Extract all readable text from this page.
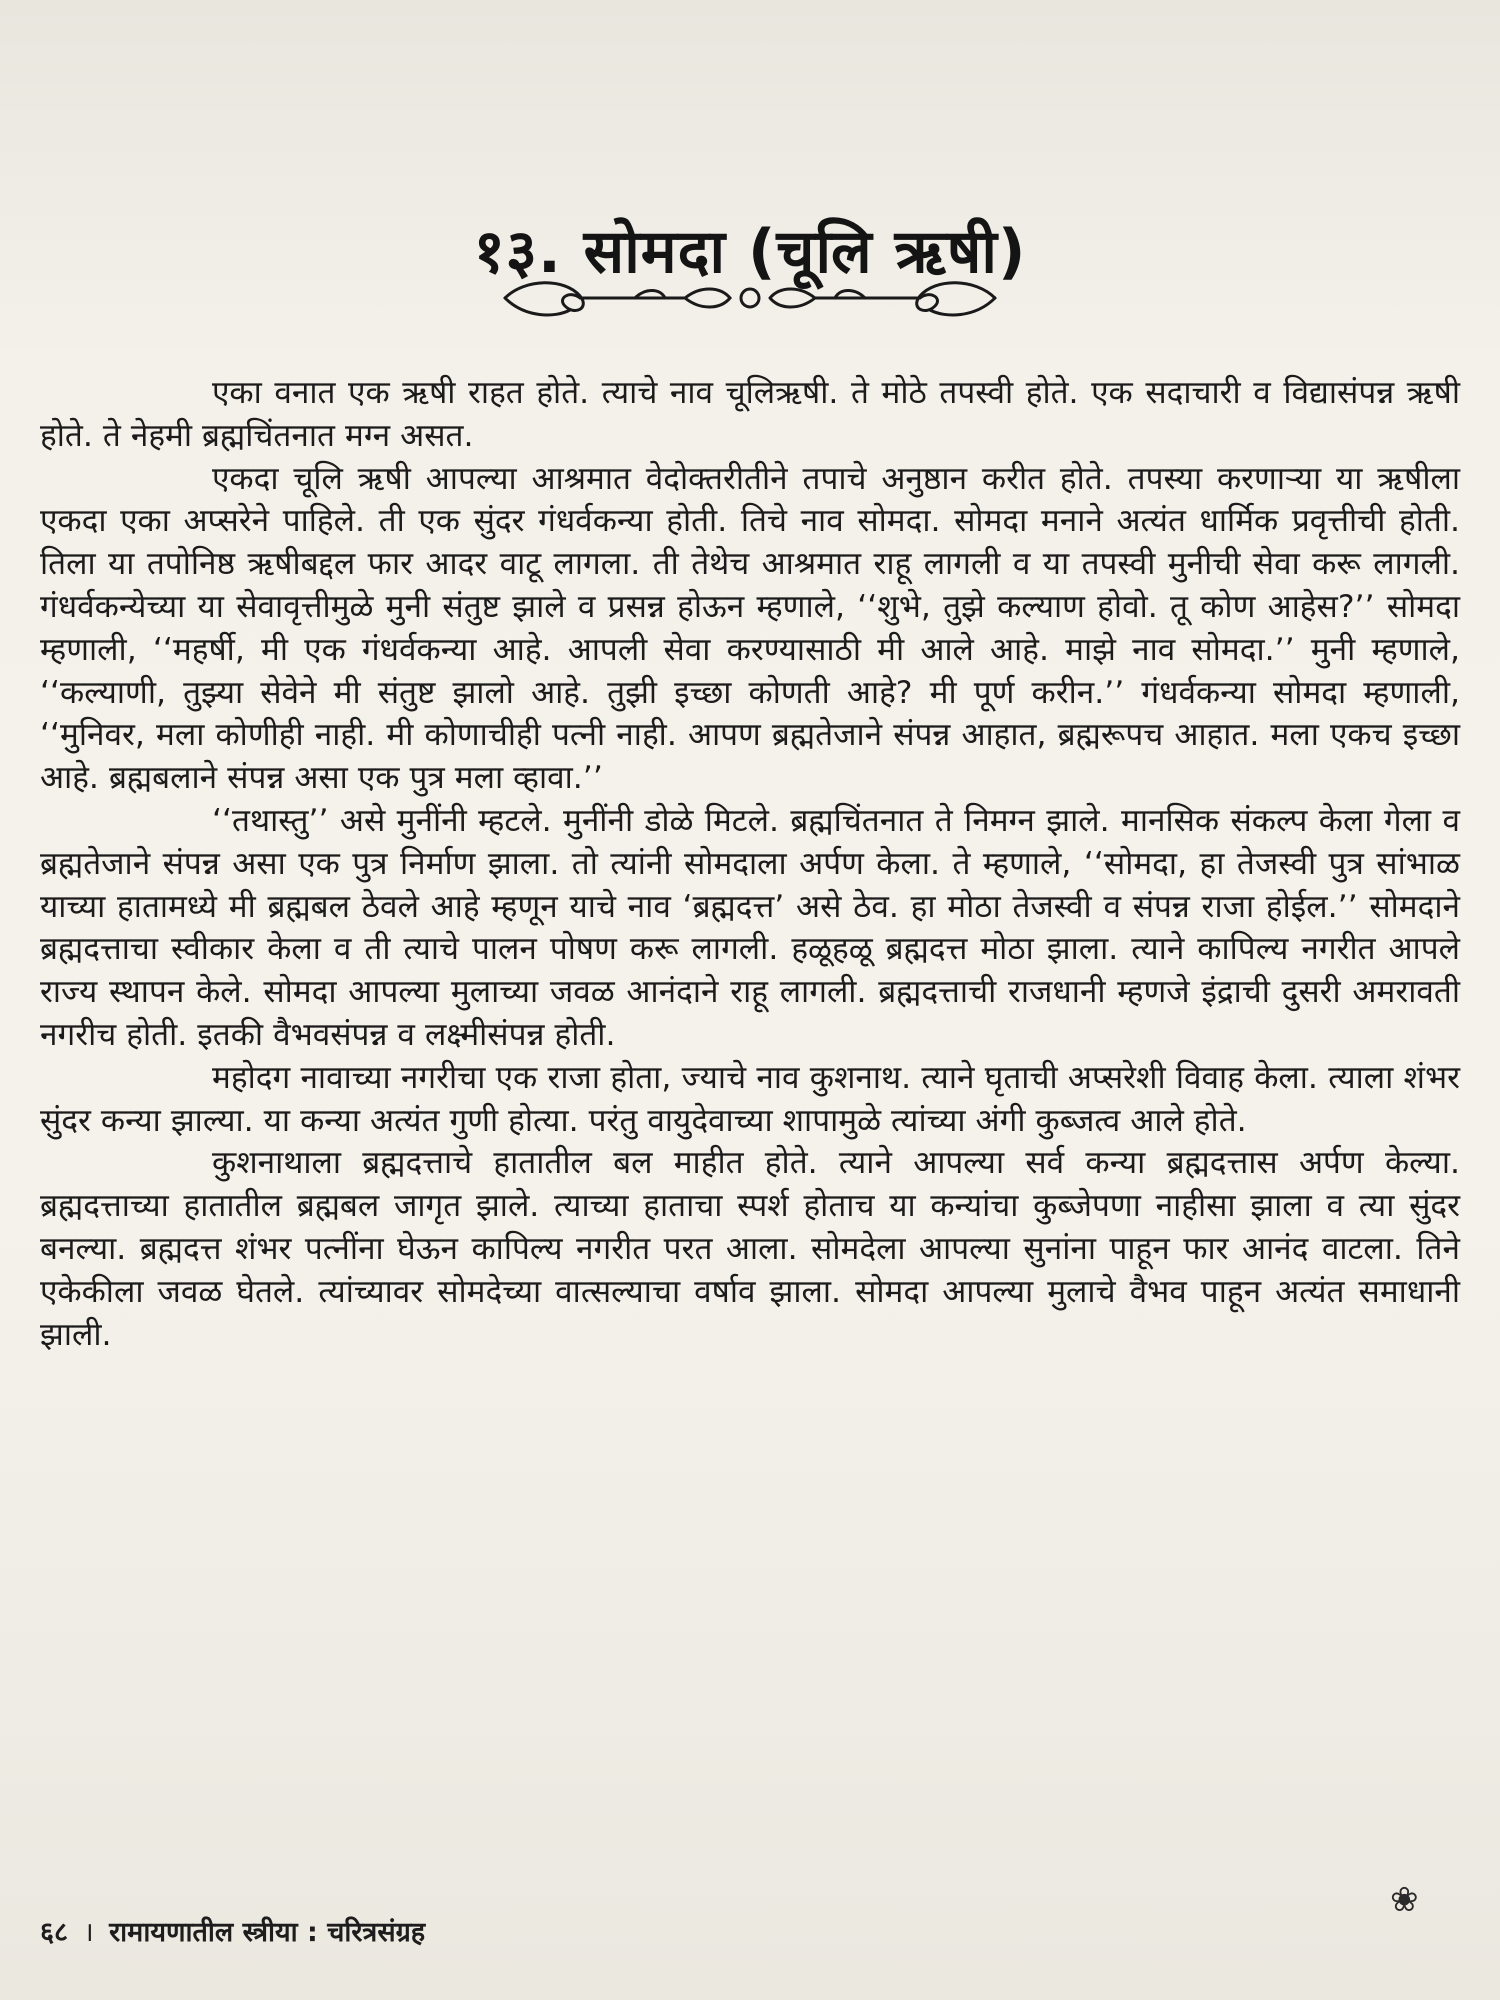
१३. सोमदा (चूलि ऋषी)

एका वनात एक ऋषी राहत होते. त्याचे नाव चूलिऋषी. ते मोठे तपस्वी होते. एक सदाचारी व विद्यासंपन्न ऋषी होते. ते नेहमी ब्रह्मचिंतनात मग्न असत.

एकदा चूलि ऋषी आपल्या आश्रमात वेदोक्तरीतीने तपाचे अनुष्ठान करीत होते. तपस्या करणाऱ्या या ऋषीला एकदा एका अप्सरेने पाहिले. ती एक सुंदर गंधर्वकन्या होती. तिचे नाव सोमदा. सोमदा मनाने अत्यंत धार्मिक प्रवृत्तीची होती. तिला या तपोनिष्ठ ऋषीबद्दल फार आदर वाटू लागला. ती तेथेच आश्रमात राहू लागली व या तपस्वी मुनीची सेवा करू लागली. गंधर्वकन्येच्या या सेवावृत्तीमुळे मुनी संतुष्ट झाले व प्रसन्न होऊन म्हणाले, ‘‘शुभे, तुझे कल्याण होवो. तू कोण आहेस?’’ सोमदा म्हणाली, ‘‘महर्षी, मी एक गंधर्वकन्या आहे. आपली सेवा करण्यासाठी मी आले आहे. माझे नाव सोमदा.’’ मुनी म्हणाले, ‘‘कल्याणी, तुझ्या सेवेने मी संतुष्ट झालो आहे. तुझी इच्छा कोणती आहे? मी पूर्ण करीन.’’ गंधर्वकन्या सोमदा म्हणाली, ‘‘मुनिवर, मला कोणीही नाही. मी कोणाचीही पत्नी नाही. आपण ब्रह्मतेजाने संपन्न आहात, ब्रह्मरूपच आहात. मला एकच इच्छा आहे. ब्रह्मबलाने संपन्न असा एक पुत्र मला व्हावा.’’

‘‘तथास्तु’’ असे मुनींनी म्हटले. मुनींनी डोळे मिटले. ब्रह्मचिंतनात ते निमग्न झाले. मानसिक संकल्प केला गेला व ब्रह्मतेजाने संपन्न असा एक पुत्र निर्माण झाला. तो त्यांनी सोमदाला अर्पण केला. ते म्हणाले, ‘‘सोमदा, हा तेजस्वी पुत्र सांभाळ याच्या हातामध्ये मी ब्रह्मबल ठेवले आहे म्हणून याचे नाव ‘ब्रह्मदत्त’ असे ठेव. हा मोठा तेजस्वी व संपन्न राजा होईल.’’ सोमदाने ब्रह्मदत्ताचा स्वीकार केला व ती त्याचे पालन पोषण करू लागली. हळूहळू ब्रह्मदत्त मोठा झाला. त्याने कापिल्य नगरीत आपले राज्य स्थापन केले. सोमदा आपल्या मुलाच्या जवळ आनंदाने राहू लागली. ब्रह्मदत्ताची राजधानी म्हणजे इंद्राची दुसरी अमरावती नगरीच होती. इतकी वैभवसंपन्न व लक्ष्मीसंपन्न होती.

महोदग नावाच्या नगरीचा एक राजा होता, ज्याचे नाव कुशनाथ. त्याने घृताची अप्सरेशी विवाह केला. त्याला शंभर सुंदर कन्या झाल्या. या कन्या अत्यंत गुणी होत्या. परंतु वायुदेवाच्या शापामुळे त्यांच्या अंगी कुब्जत्व आले होते.

कुशनाथाला ब्रह्मदत्ताचे हातातील बल माहीत होते. त्याने आपल्या सर्व कन्या ब्रह्मदत्तास अर्पण केल्या. ब्रह्मदत्ताच्या हातातील ब्रह्मबल जागृत झाले. त्याच्या हाताचा स्पर्श होताच या कन्यांचा कुब्जेपणा नाहीसा झाला व त्या सुंदर बनल्या. ब्रह्मदत्त शंभर पत्नींना घेऊन कापिल्य नगरीत परत आला. सोमदेला आपल्या सुनांना पाहून फार आनंद वाटला. तिने एकेकीला जवळ घेतले. त्यांच्यावर सोमदेच्या वात्सल्याचा वर्षाव झाला. सोमदा आपल्या मुलाचे वैभव पाहून अत्यंत समाधानी झाली.

❀
६८ । रामायणातील स्त्रीया : चरित्रसंग्रह
